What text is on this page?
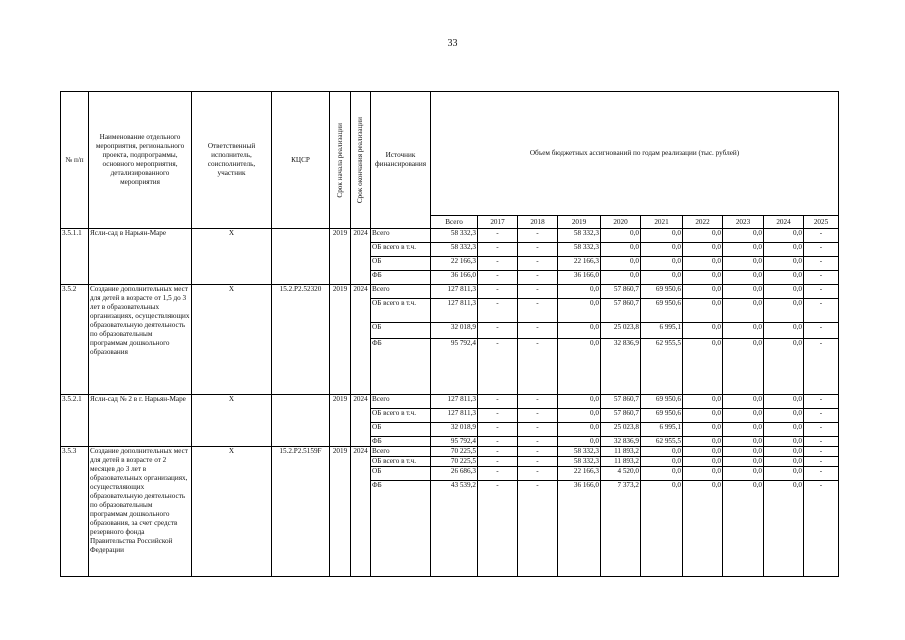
33
№ п/п	Наименование отдельного мероприятия, регионального проекта, подпрограммы, основного мероприятия, детализированного мероприятия	Ответственный исполнитель, соисполнитель, участник	КЦСР	Срок начала реализации	Срок окончания реализации	Источник финансирования	Объем бюджетных ассигнований по годам реализации (тыс. рублей)									
							Всего	2017	2018	2019	2020	2021	2022	2023	2024	2025
3.5.1.1	Ясли-сад в Нарьян-Маре	Х		2019	2024	Всего	58 332,3	-	-	58 332,3	0,0	0,0	0,0	0,0	0,0	-
						ОБ всего в т.ч.	58 332,3	-	-	58 332,3	0,0	0,0	0,0	0,0	0,0	-
						ОБ	22 166,3	-	-	22 166,3	0,0	0,0	0,0	0,0	0,0	-
						ФБ	36 166,0	-	-	36 166,0	0,0	0,0	0,0	0,0	0,0	-
3.5.2	Создание дополнительных мест для детей в возрасте от 1,5 до 3 лет в образовательных организациях, осуществляющих образовательную деятельность по образовательным программам дошкольного образования	Х	15.2.Р2.52320	2019	2024	Всего	127 811,3	-	-	0,0	57 860,7	69 950,6	0,0	0,0	0,0	-
						ОБ всего в т.ч.	127 811,3	-	-	0,0	57 860,7	69 950,6	0,0	0,0	0,0	-
						ОБ	32 018,9	-	-	0,0	25 023,8	6 995,1	0,0	0,0	0,0	-
						ФБ	95 792,4	-	-	0,0	32 836,9	62 955,5	0,0	0,0	0,0	-
3.5.2.1	Ясли-сад № 2 в г. Нарьян-Маре	Х		2019	2024	Всего	127 811,3	-	-	0,0	57 860,7	69 950,6	0,0	0,0	0,0	-
						ОБ всего в т.ч.	127 811,3	-	-	0,0	57 860,7	69 950,6	0,0	0,0	0,0	-
						ОБ	32 018,9	-	-	0,0	25 023,8	6 995,1	0,0	0,0	0,0	-
						ФБ	95 792,4	-	-	0,0	32 836,9	62 955,5	0,0	0,0	0,0	-
3.5.3	Создание дополнительных мест для детей в возрасте от 2 месяцев до 3 лет в образовательных организациях, осуществляющих образовательную деятельность по образовательным программам дошкольного образования, за счет средств резервного фонда Правительства Российской Федерации	Х	15.2.Р2.5159F	2019	2024	Всего	70 225,5	-	-	58 332,3	11 893,2	0,0	0,0	0,0	0,0	-
						ОБ всего в т.ч.	70 225,5	-	-	58 332,3	11 893,2	0,0	0,0	0,0	0,0	-
						ОБ	26 686,3	-	-	22 166,3	4 520,0	0,0	0,0	0,0	0,0	-
						ФБ	43 539,2	-	-	36 166,0	7 373,2	0,0	0,0	0,0	0,0	-
